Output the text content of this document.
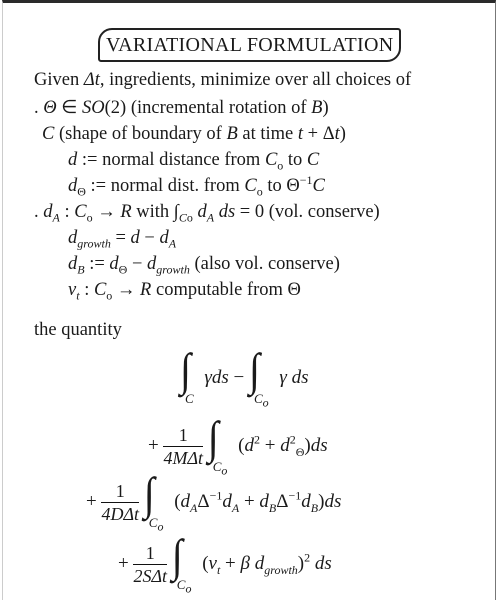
VARIATIONAL FORMULATION
Given Δt, ingredients, minimize over all choices of
. Θ ∈ SO(2) (incremental rotation of B)
C (shape of boundary of B at time t + Δt)
d := normal distance from $C_o$ to C
$d_\Theta$ := normal dist. from $C_o$ to $\Theta^{-1}C$
. $d_A$ : $C_o \to R$ with $\int_{Co}$ $d_A$ ds = 0 (vol. conserve)
$d_{growth} = d - d_A$
$d_B$ := $d_\Theta - d_{growth}$ (also vol. conserve)
$v_t$ : $C_o \to R$ computable from Θ
the quantity
$\int_C$ $\gamma ds - \int_{C_o}$ γ ds
+ $\frac{1}{\text{4MΔt}} \int_{C_o}$ $(d^2 + d^2_\Theta)ds$
+ $\frac{1}{\text{4DΔt}} \int_{C_o}$ $(d_A\Delta^{-1}d_A + d_B\Delta^{-1}d_B)ds$
+ $\frac{1}{\text{2SΔt}} \int_{C_o}$ ($v_t + \beta$ $d_{growth})^2$ ds
